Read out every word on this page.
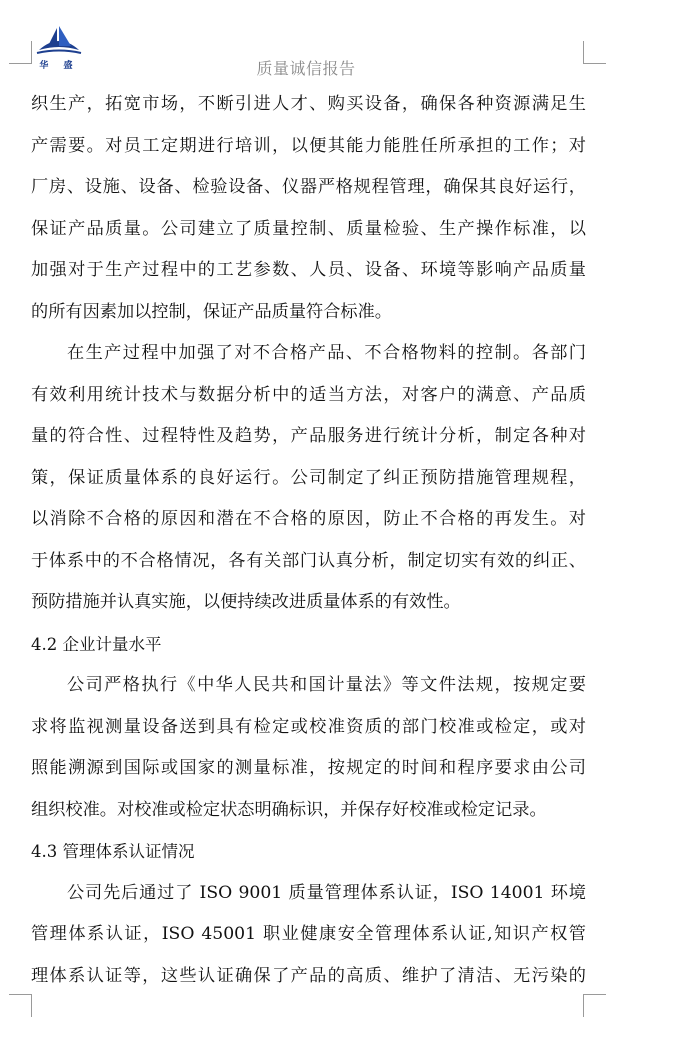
华 盛	质量诚信报告
织生产，拓宽市场，不断引进人才、购买设备，确保各种资源满足生
产需要。对员工定期进行培训，以便其能力能胜任所承担的工作；对
厂房、设施、设备、检验设备、仪器严格规程管理，确保其良好运行，
保证产品质量。公司建立了质量控制、质量检验、生产操作标准，以
加强对于生产过程中的工艺参数、人员、设备、环境等影响产品质量
的所有因素加以控制，保证产品质量符合标准。
在生产过程中加强了对不合格产品、不合格物料的控制。各部门
有效利用统计技术与数据分析中的适当方法，对客户的满意、产品质
量的符合性、过程特性及趋势，产品服务进行统计分析，制定各种对
策，保证质量体系的良好运行。公司制定了纠正预防措施管理规程，
以消除不合格的原因和潜在不合格的原因，防止不合格的再发生。对
于体系中的不合格情况，各有关部门认真分析，制定切实有效的纠正、
预防措施并认真实施，以便持续改进质量体系的有效性。
4.2 企业计量水平
公司严格执行《中华人民共和国计量法》等文件法规，按规定要
求将监视测量设备送到具有检定或校准资质的部门校准或检定，或对
照能溯源到国际或国家的测量标准，按规定的时间和程序要求由公司
组织校准。对校准或检定状态明确标识，并保存好校准或检定记录。
4.3 管理体系认证情况
公司先后通过了 ISO 9001 质量管理体系认证，ISO 14001 环境
管理体系认证，ISO 45001 职业健康安全管理体系认证,知识产权管
理体系认证等，这些认证确保了产品的高质、维护了清洁、无污染的
